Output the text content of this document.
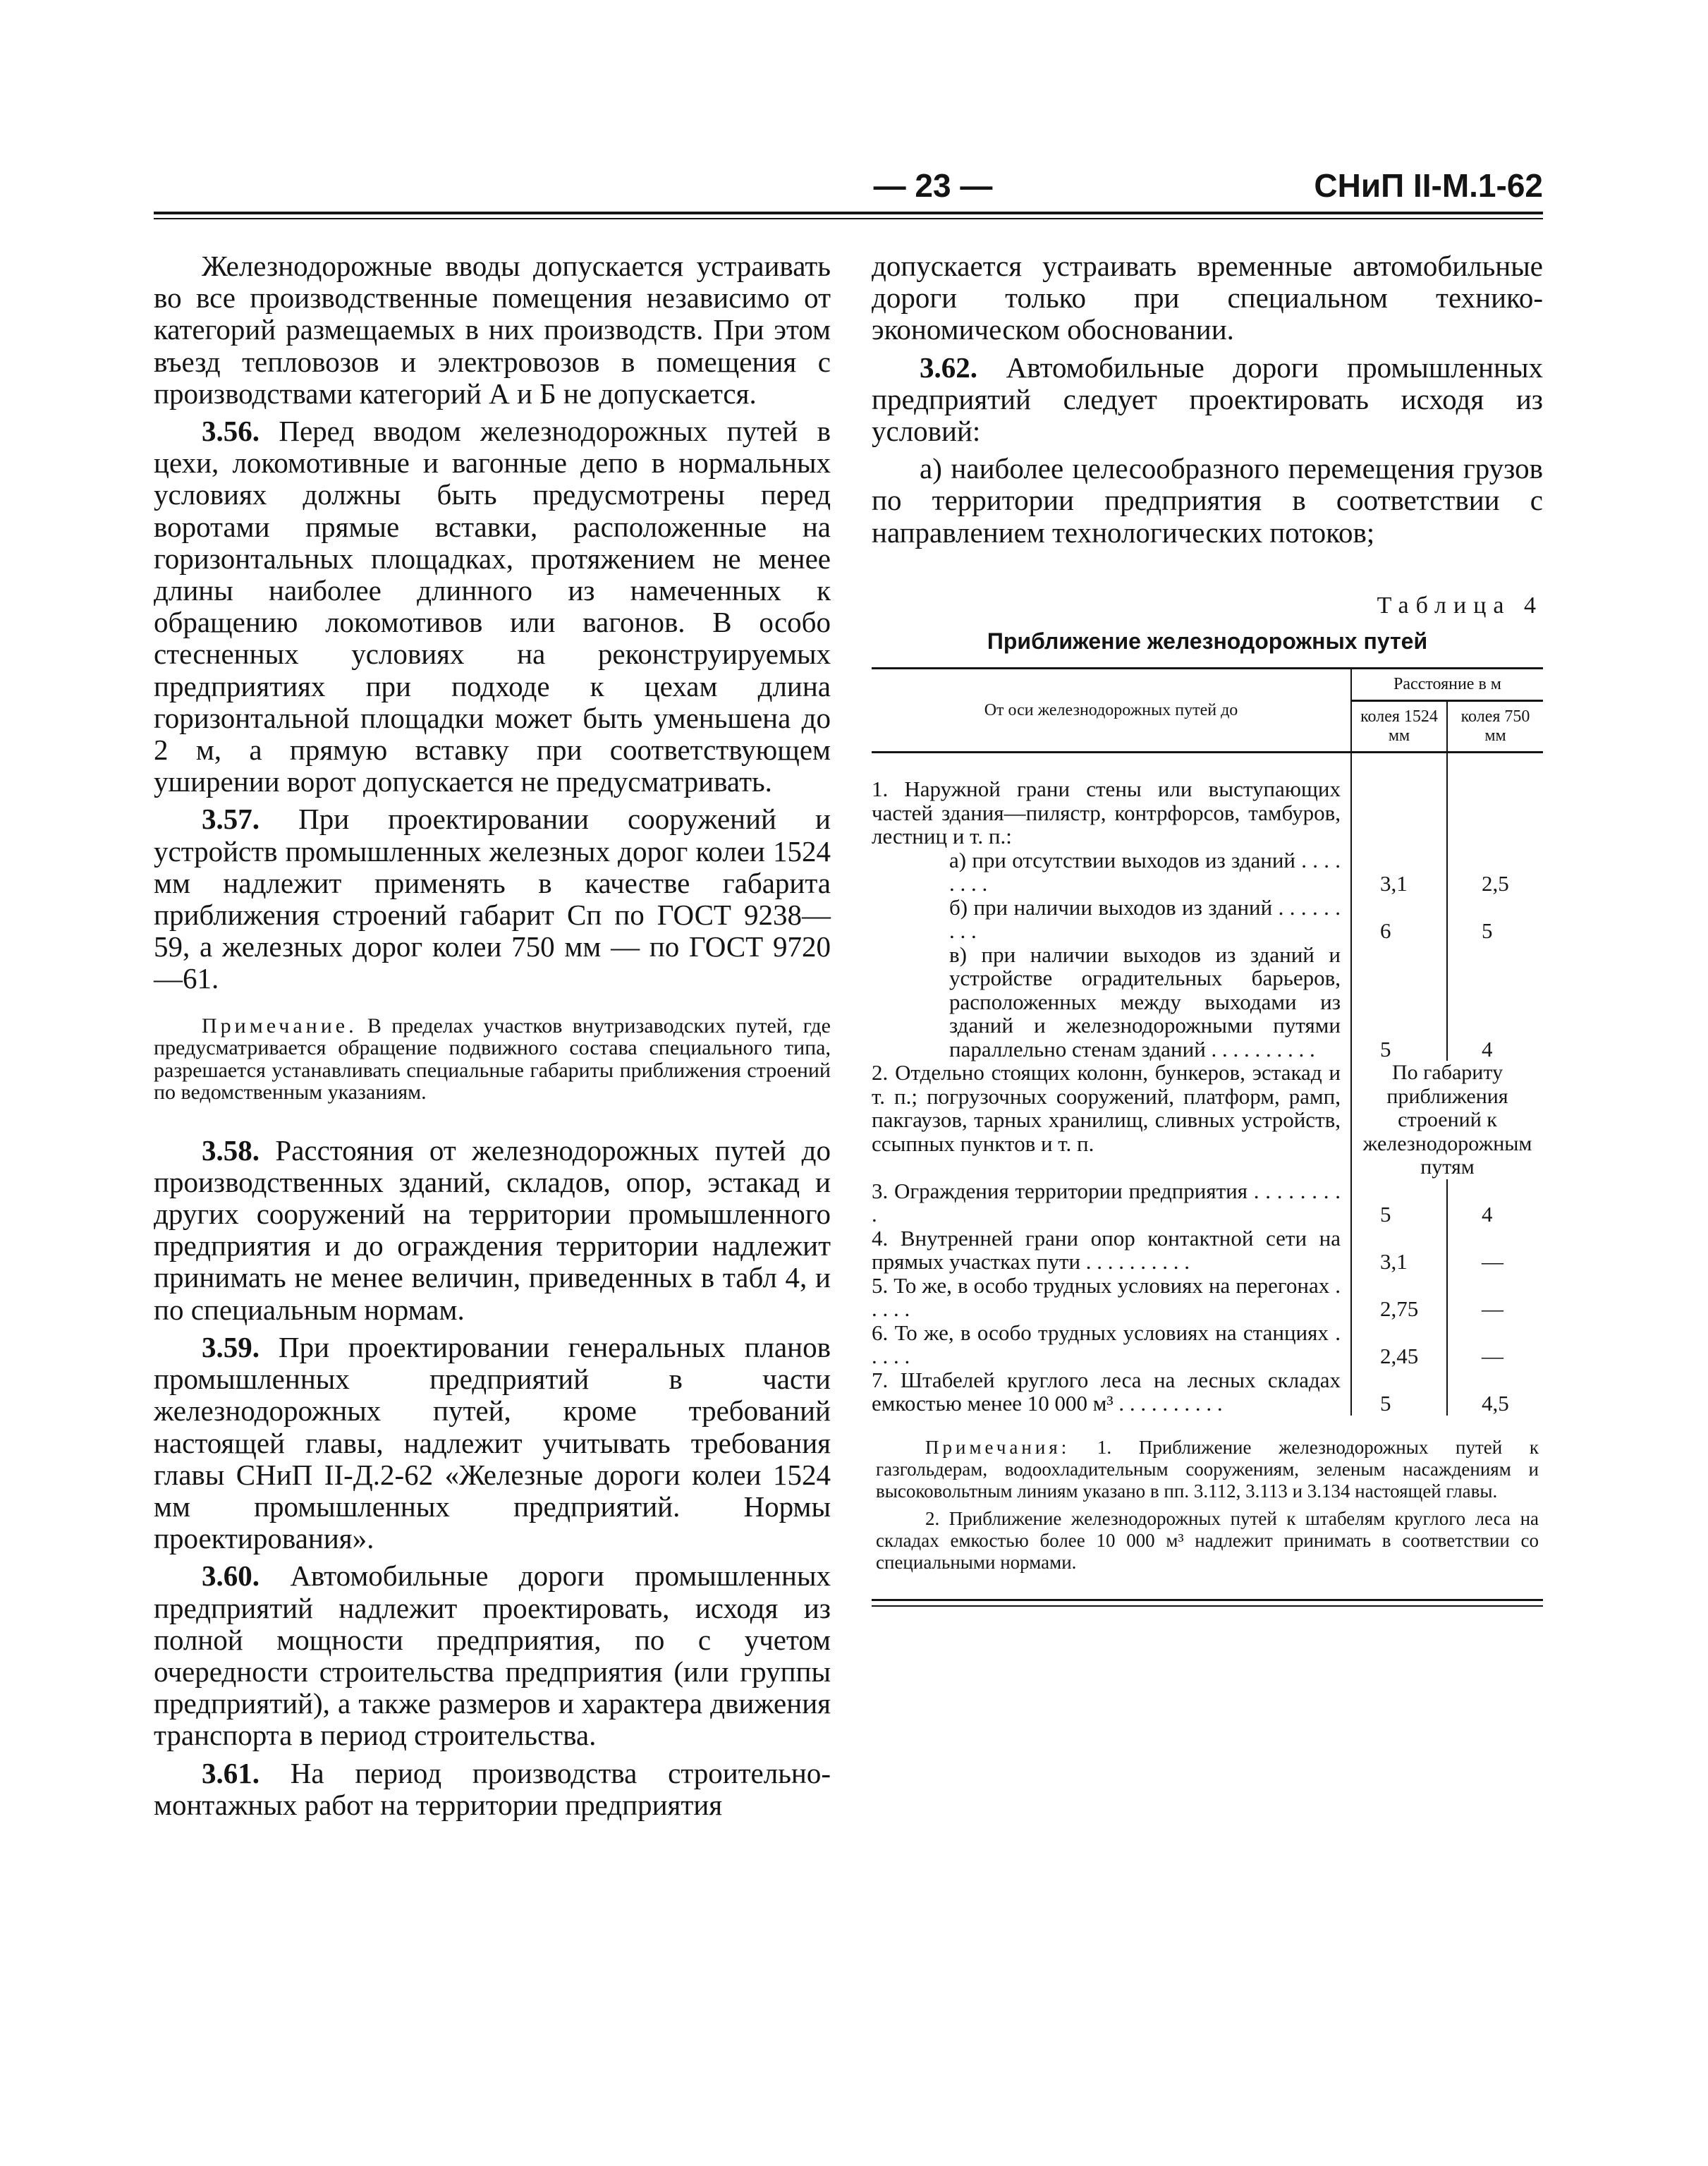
— 23 —	СНиП II-М.1-62

Железнодорожные вводы допускается устраивать во все производственные помещения независимо от категорий размещаемых в них производств. При этом въезд тепловозов и электровозов в помещения с производствами категорий А и Б не допускается.

3.56. Перед вводом железнодорожных путей в цехи, локомотивные и вагонные депо в нормальных условиях должны быть предусмотрены перед воротами прямые вставки, расположенные на горизонтальных площадках, протяжением не менее длины наиболее длинного из намеченных к обращению локомотивов или вагонов. В особо стесненных условиях на реконструируемых предприятиях при подходе к цехам длина горизонтальной площадки может быть уменьшена до 2 м, а прямую вставку при соответствующем уширении ворот допускается не предусматривать.

3.57. При проектировании сооружений и устройств промышленных железных дорог колеи 1524 мм надлежит применять в качестве габарита приближения строений габарит Сп по ГОСТ 9238—59, а железных дорог колеи 750 мм — по ГОСТ 9720—61.

Примечание. В пределах участков внутризаводских путей, где предусматривается обращение подвижного состава специального типа, разрешается устанавливать специальные габариты приближения строений по ведомственным указаниям.

3.58. Расстояния от железнодорожных путей до производственных зданий, складов, опор, эстакад и других сооружений на территории промышленного предприятия и до ограждения территории надлежит принимать не менее величин, приведенных в табл 4, и по специальным нормам.

3.59. При проектировании генеральных планов промышленных предприятий в части железнодорожных путей, кроме требований настоящей главы, надлежит учитывать требования главы СНиП II-Д.2-62 «Железные дороги колеи 1524 мм промышленных предприятий. Нормы проектирования».

3.60. Автомобильные дороги промышленных предприятий надлежит проектировать, исходя из полной мощности предприятия, по с учетом очередности строительства предприятия (или группы предприятий), а также размеров и характера движения транспорта в период строительства.

3.61. На период производства строительно-монтажных работ на территории предприятия

допускается устраивать временные автомобильные дороги только при специальном технико-экономическом обосновании.

3.62. Автомобильные дороги промышленных предприятий следует проектировать исходя из условий:

а) наиболее целесообразного перемещения грузов по территории предприятия в соответствии с направлением технологических потоков;

Таблица 4

Приближение железнодорожных путей

От оси железнодорожных путей до	Расстояние в м	
	колея 1524 мм	колея 750 мм
1. Наружной грани стены или выступающих частей здания—пилястр, контрфорсов, тамбуров, лестниц и т. п.:		
а) при отсутствии выходов из зданий . . . . . . . .	3,1	2,5
б) при наличии выходов из зданий . . . . . . . . .	6	5
в) при наличии выходов из зданий и устройстве оградительных барьеров, расположенных между выходами из зданий и железнодорожными путями параллельно стенам зданий . . . . . . . . . .	5	4
2. Отдельно стоящих колонн, бункеров, эстакад и т. п.; погрузочных сооружений, платформ, рамп, пакгаузов, тарных хранилищ, сливных устройств, ссыпных пунктов и т. п.	По габариту приближения строений к железнодорожным путям	
3. Ограждения территории предприятия . . . . . . . . .	5	4
4. Внутренней грани опор контактной сети на прямых участках пути . . . . . . . . . .	3,1	—
5. То же, в особо трудных условиях на перегонах . . . . .	2,75	—
6. То же, в особо трудных условиях на станциях . . . . .	2,45	—
7. Штабелей круглого леса на лесных складах емкостью менее 10 000 м³ . . . . . . . . . .	5	4,5

Примечания: 1. Приближение железнодорожных путей к газгольдерам, водоохладительным сооружениям, зеленым насаждениям и высоковольтным линиям указано в пп. 3.112, 3.113 и 3.134 настоящей главы.

2. Приближение железнодорожных путей к штабелям круглого леса на складах емкостью более 10 000 м³ надлежит принимать в соответствии со специальными нормами.		
